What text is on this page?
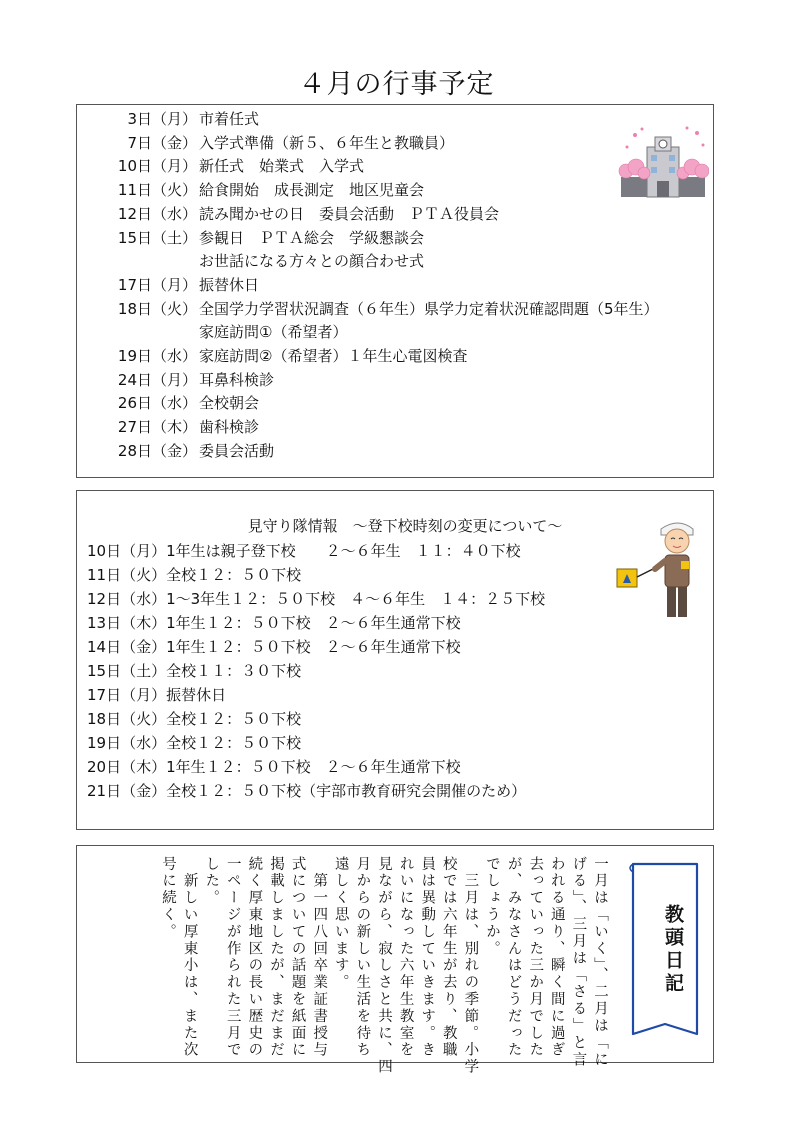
４月の行事予定
3日（月） 市着任式
7日（金） 入学式準備（新５、６年生と教職員）
10日（月） 新任式　始業式　入学式
11日（火） 給食開始　成長測定　地区児童会
12日（水） 読み聞かせの日　委員会活動　ＰＴＡ役員会
15日（土） 参観日　ＰＴＡ総会　学級懇談会
お世話になる方々との顔合わせ式
17日（月） 振替休日
18日（火） 全国学力学習状況調査（６年生）県学力定着状況確認問題（5年生）
家庭訪問①（希望者）
19日（水） 家庭訪問②（希望者）１年生心電図検査
24日（月） 耳鼻科検診
26日（水） 全校朝会
27日（木） 歯科検診
28日（金） 委員会活動
見守り隊情報　～登下校時刻の変更について～
10日（月）1年生は親子登下校　　２～６年生　１１：４０下校
11日（火）全校１２：５０下校
12日（水）1～3年生１２：５０下校　４～６年生　１４：２５下校
13日（木）1年生１２：５０下校　２～６年生通常下校
14日（金）1年生１２：５０下校　２～６年生通常下校
15日（土）全校１１：３０下校
17日（月）振替休日
18日（火）全校１２：５０下校
19日（水）全校１２：５０下校
20日（木）1年生１２：５０下校　２～６年生通常下校
21日（金）全校１２：５０下校（宇部市教育研究会開催のため）
一月は「いく」、二月は「に
げる」、三月は「さる」と言
われる通り、瞬く間に過ぎ
去っていった三か月でした
が、みなさんはどうだった
でしょうか。
　三月は、別れの季節。小学
校では六年生が去り、教職
員は異動していきます。き
れいになった六年生教室を
見ながら、寂しさと共に、四
月からの新しい生活を待ち
遠しく思います。
　第一四八回卒業証書授与
式についての話題を紙面に
掲載しましたが、まだまだ
続く厚東地区の長い歴史の
一ページが作られた三月で
した。
　新しい厚東小は、また次
号に続く。
教頭日記
